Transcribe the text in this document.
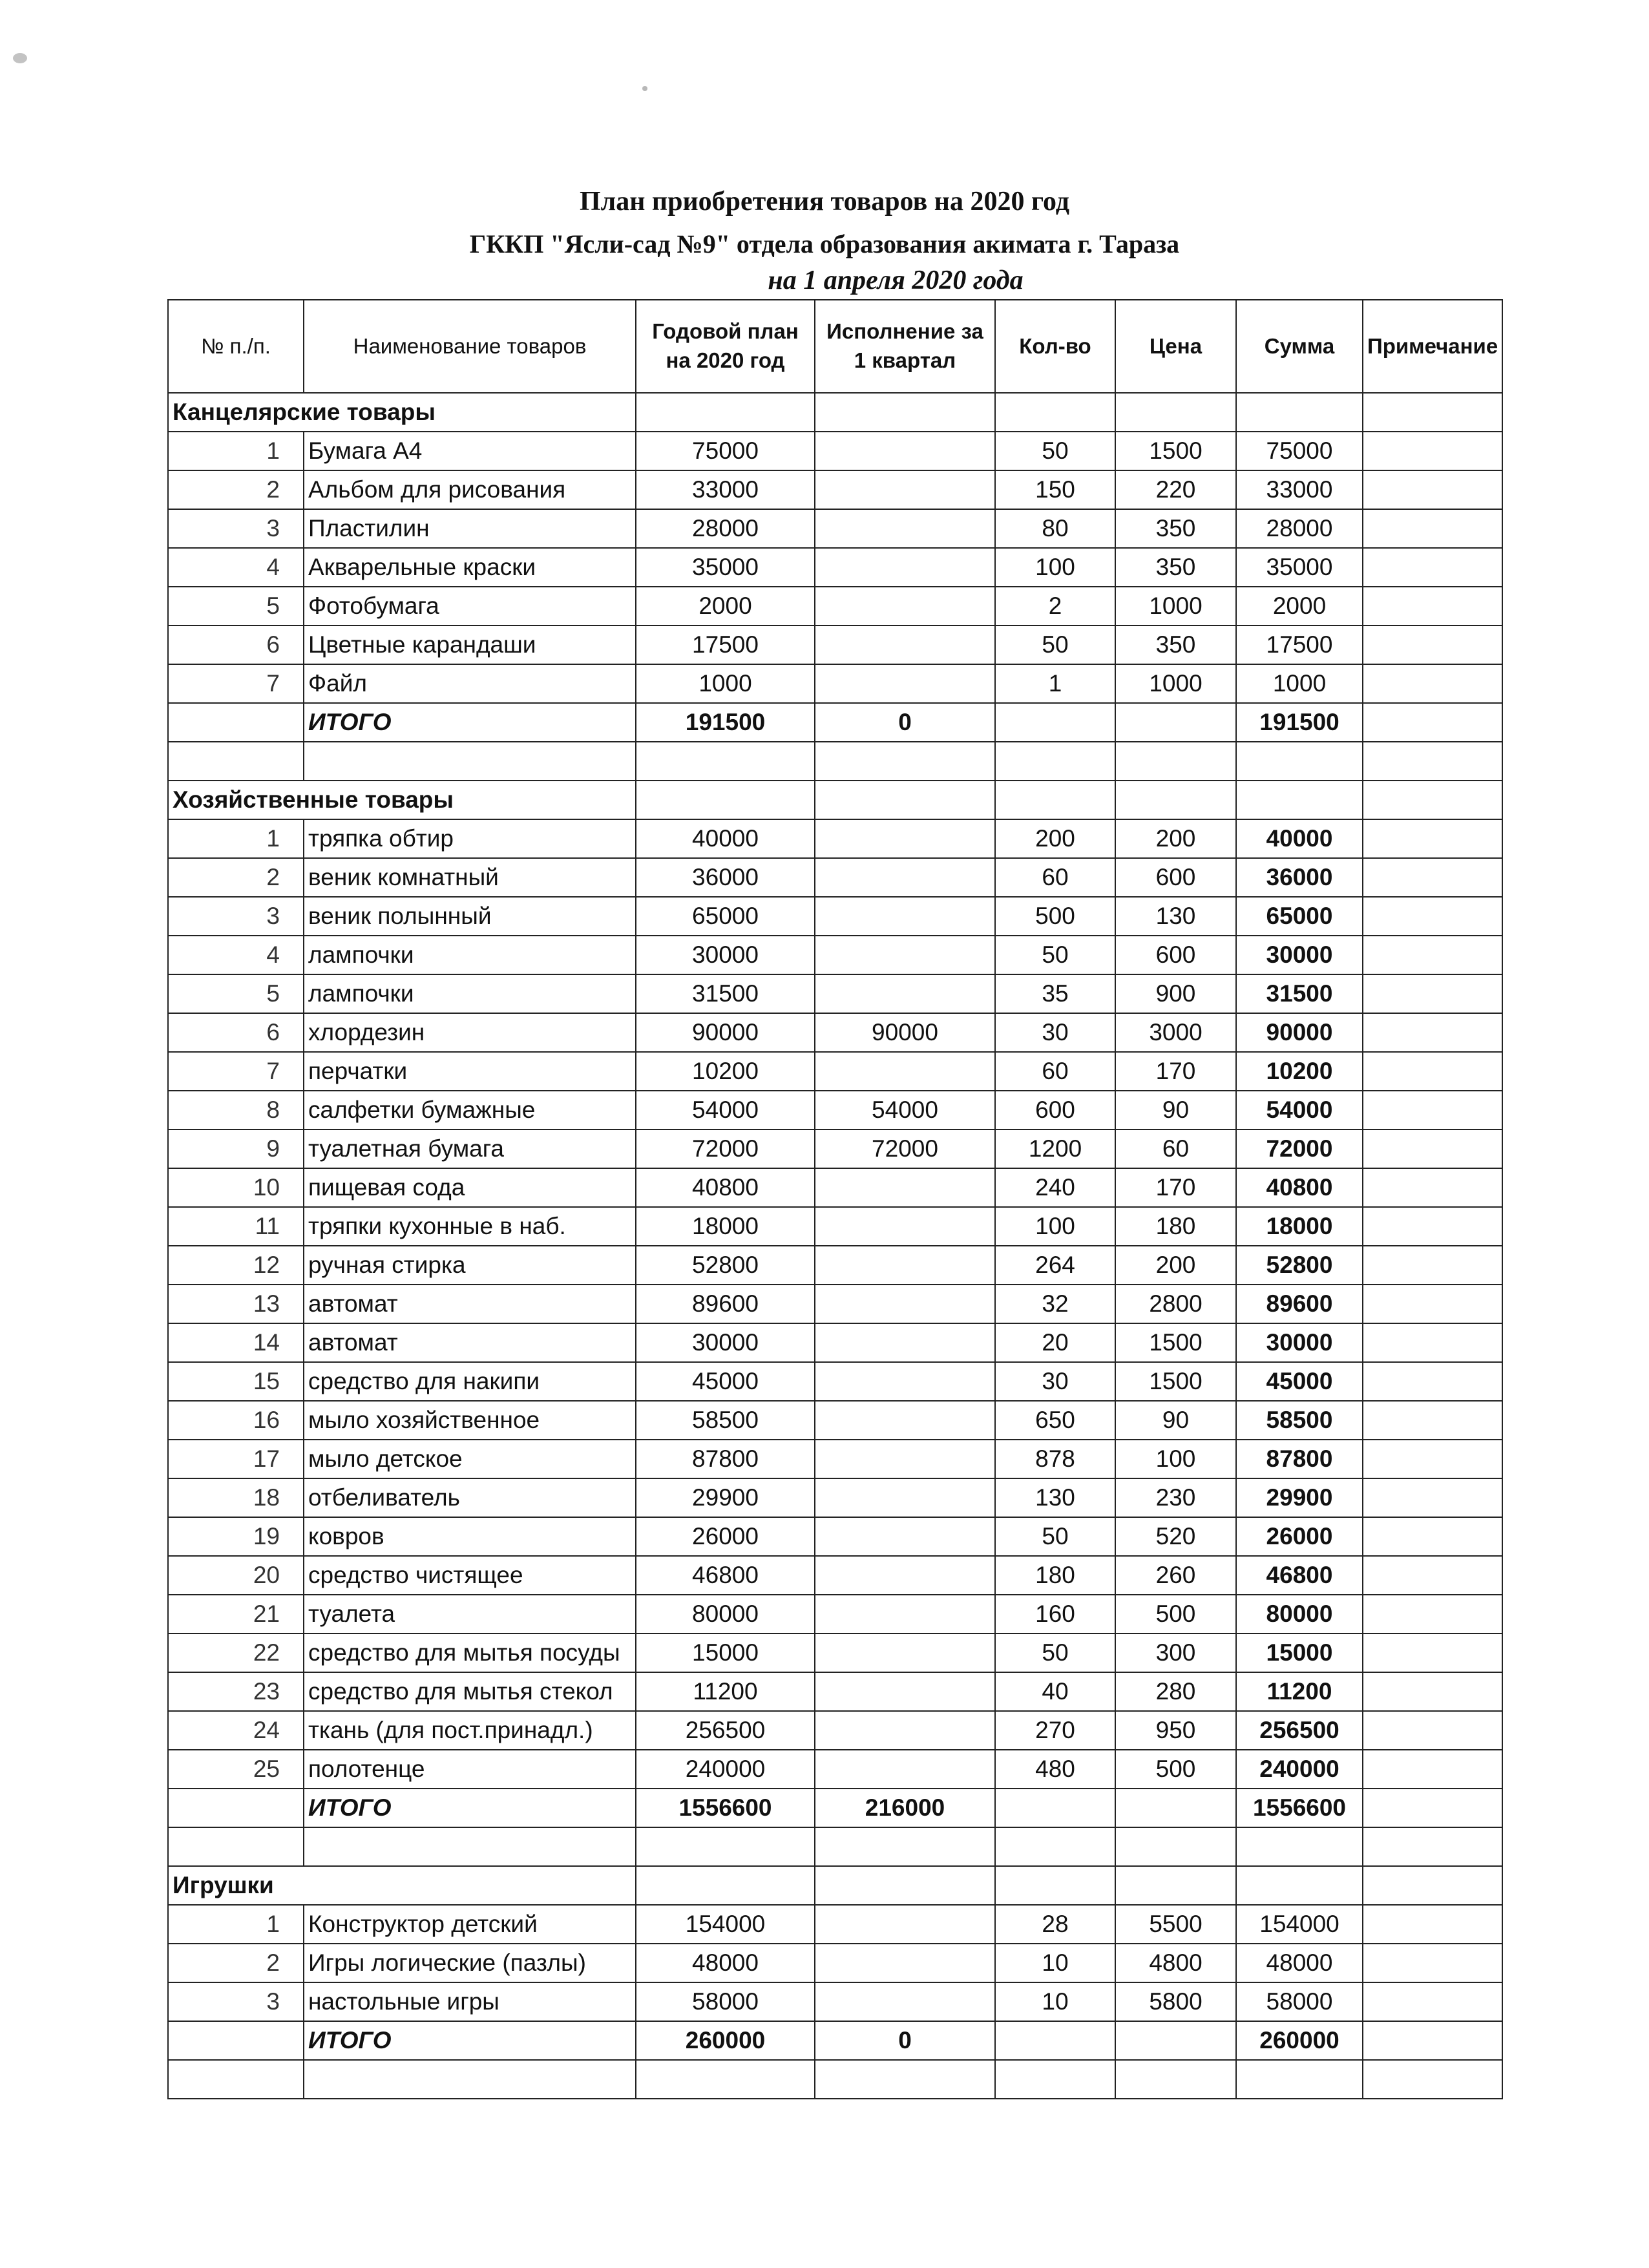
План приобретения товаров на 2020 год
ГККП "Ясли-сад №9" отдела образования акимата г. Тараза
на 1 апреля 2020 года
№ п./п.	Наименование товаров	Годовой план на 2020 год	Исполнение за 1 квартал	Кол-во	Цена	Сумма	Примечание
Канцелярские товары							
1	Бумага А4	75000		50	1500	75000	
2	Альбом для рисования	33000		150	220	33000	
3	Пластилин	28000		80	350	28000	
4	Акварельные краски	35000		100	350	35000	
5	Фотобумага	2000		2	1000	2000	
6	Цветные карандаши	17500		50	350	17500	
7	Файл	1000		1	1000	1000	
	ИТОГО	191500	0			191500	

Хозяйственные товары							
1	тряпка обтир	40000		200	200	40000	
2	веник комнатный	36000		60	600	36000	
3	веник полынный	65000		500	130	65000	
4	лампочки	30000		50	600	30000	
5	лампочки	31500		35	900	31500	
6	хлордезин	90000	90000	30	3000	90000	
7	перчатки	10200		60	170	10200	
8	салфетки бумажные	54000	54000	600	90	54000	
9	туалетная бумага	72000	72000	1200	60	72000	
10	пищевая сода	40800		240	170	40800	
11	тряпки кухонные в наб.	18000		100	180	18000	
12	ручная стирка	52800		264	200	52800	
13	автомат	89600		32	2800	89600	
14	автомат	30000		20	1500	30000	
15	средство для накипи	45000		30	1500	45000	
16	мыло хозяйственное	58500		650	90	58500	
17	мыло детское	87800		878	100	87800	
18	отбеливатель	29900		130	230	29900	
19	ковров	26000		50	520	26000	
20	средство чистящее	46800		180	260	46800	
21	туалета	80000		160	500	80000	
22	средство для мытья посуды	15000		50	300	15000	
23	средство для мытья стекол	11200		40	280	11200	
24	ткань (для пост.принадл.)	256500		270	950	256500	
25	полотенце	240000		480	500	240000	
	ИТОГО	1556600	216000			1556600	

Игрушки							
1	Конструктор детский	154000		28	5500	154000	
2	Игры логические (пазлы)	48000		10	4800	48000	
3	настольные игры	58000		10	5800	58000	
	ИТОГО	260000	0			260000	
